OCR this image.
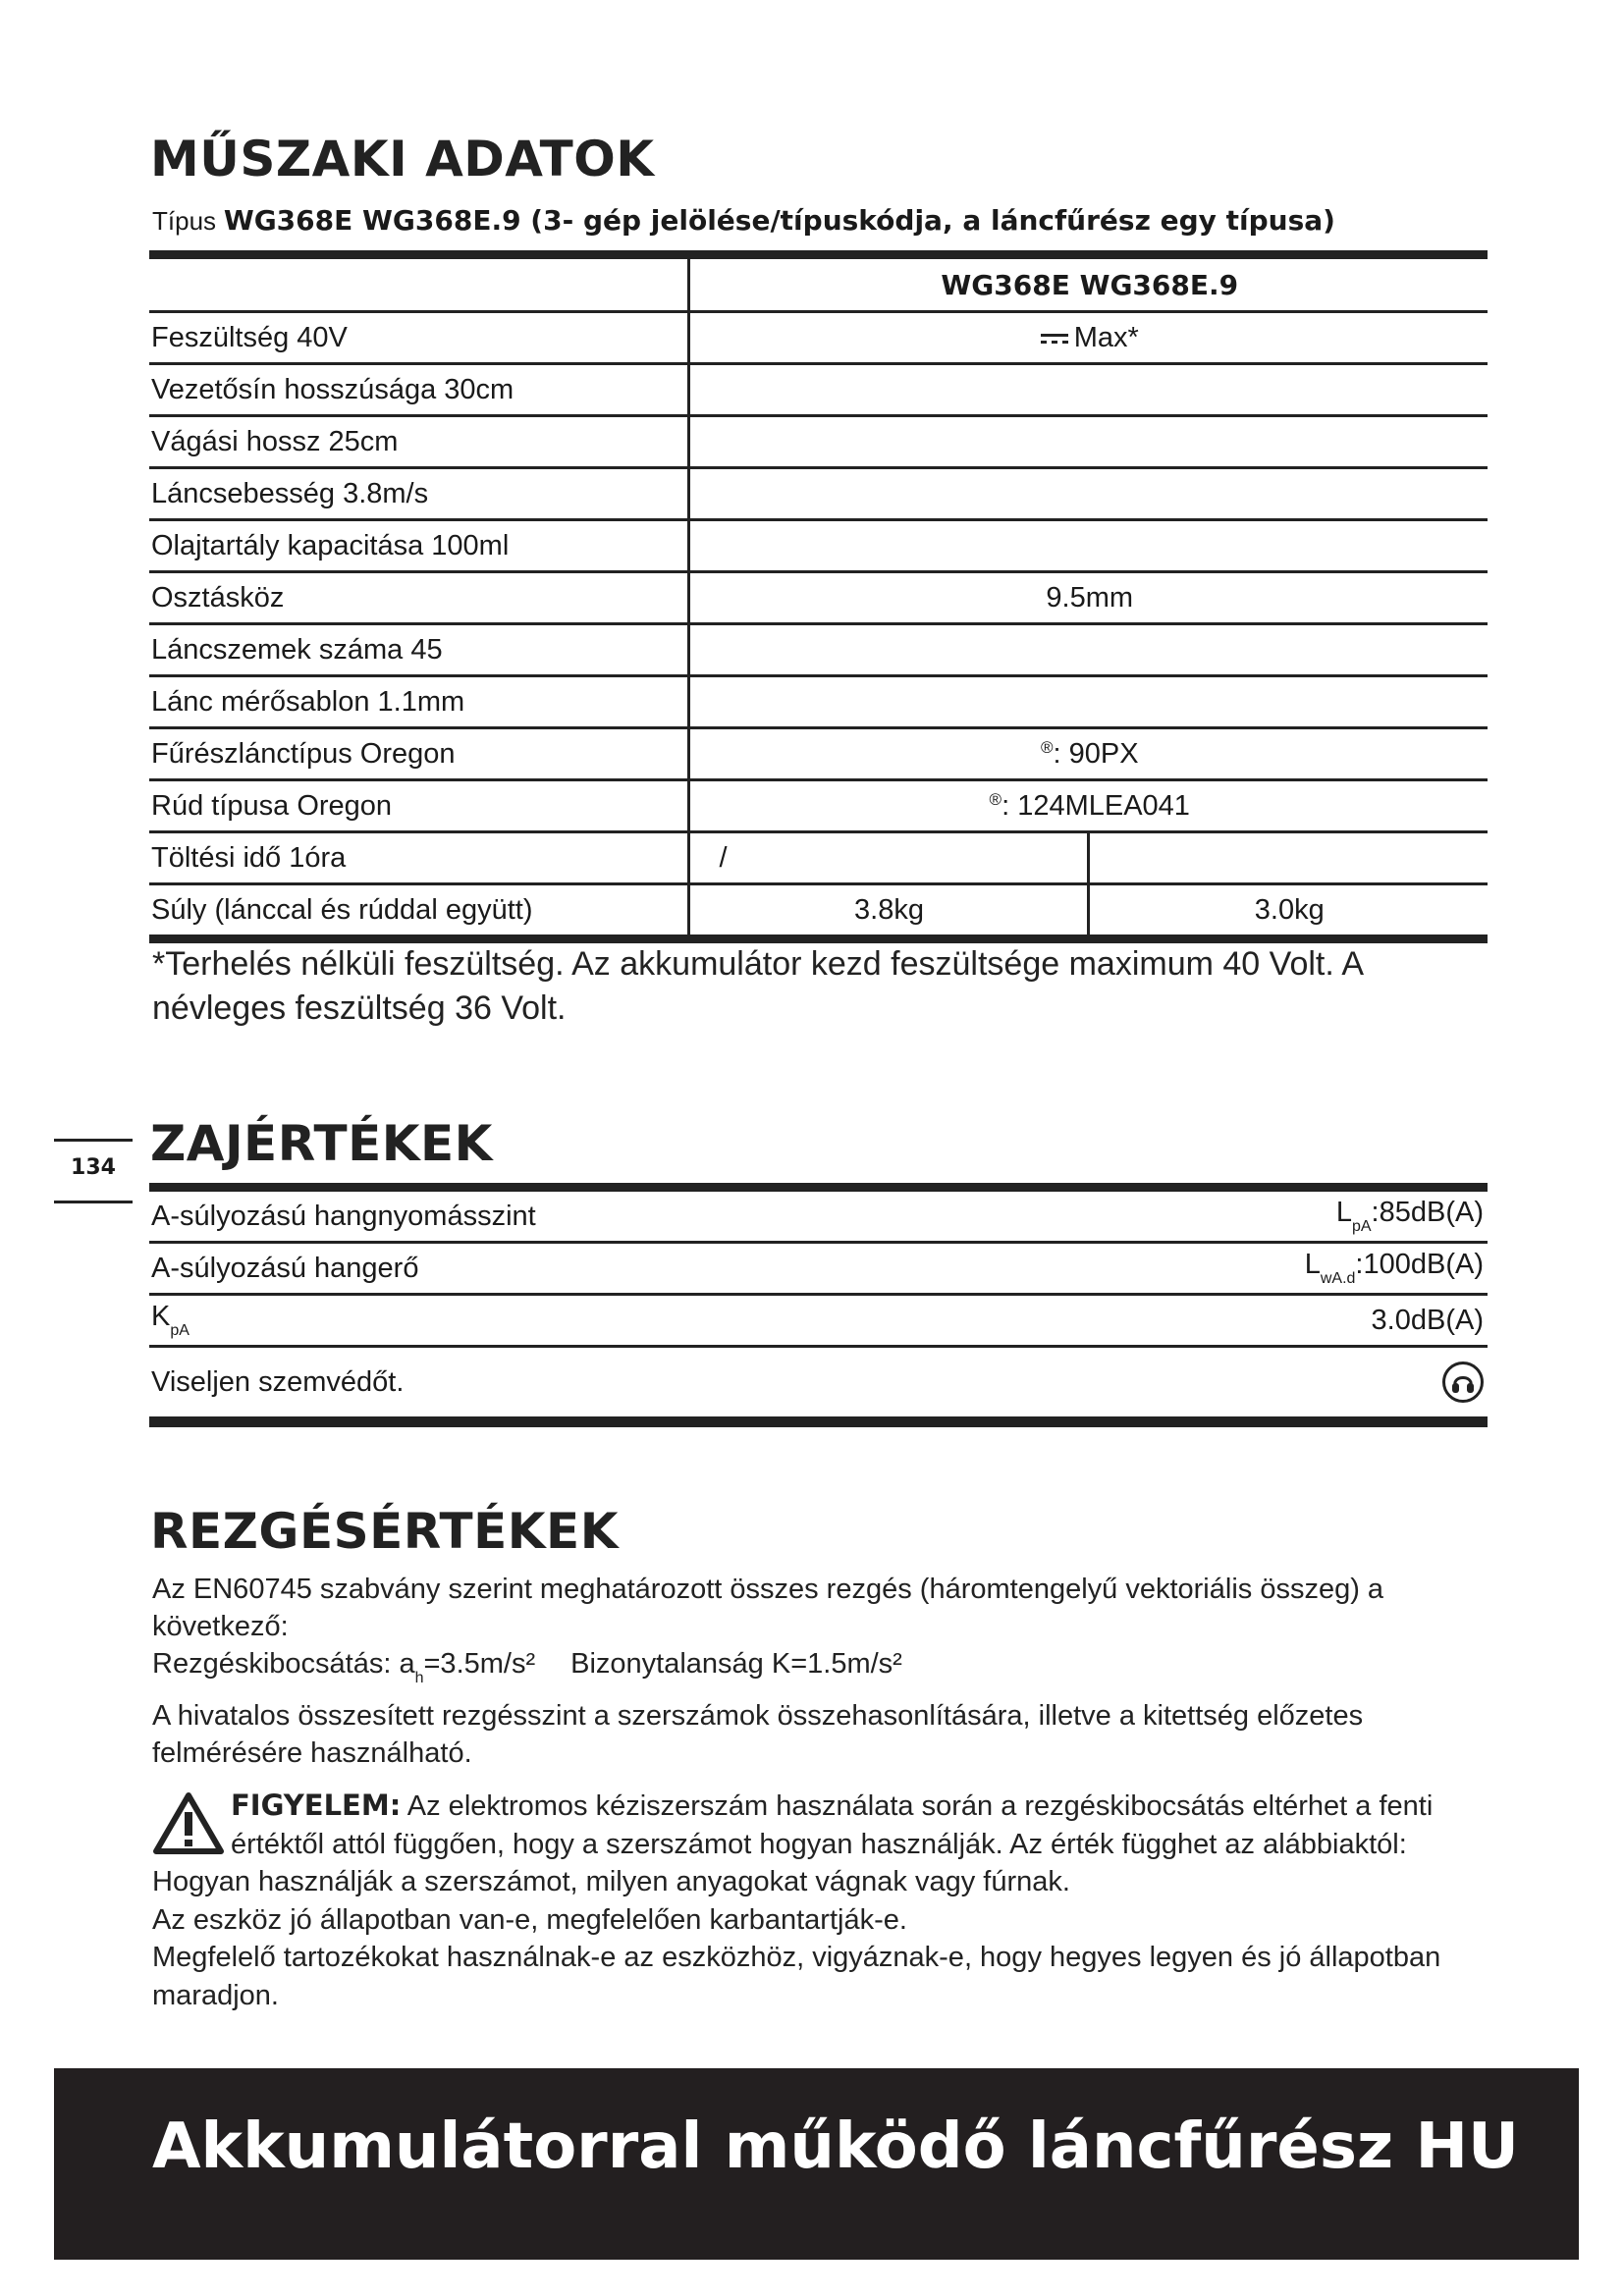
MŰSZAKI ADATOK
Típus WG368E WG368E.9 (3- gép jelölése/típuskódja, a láncfűrész egy típusa)
	WG368E WG368E.9	
Feszültség 40V	Max*	
Vezetősín hosszúsága 30cm		
Vágási hossz 25cm		
Láncsebesség 3.8m/s		
Olajtartály kapacitása 100ml		
Osztásköz	9.5mm	
Láncszemek száma 45		
Lánc mérősablon 1.1mm		
Fűrészlánctípus Oregon	®: 90PX	
Rúd típusa Oregon	®: 124MLEA041	
Töltési idő 1óra	/	
Súly (lánccal és rúddal együtt)	3.8kg	3.0kg
*Terhelés nélküli feszültség. Az akkumulátor kezd feszültsége maximum 40 Volt. A névleges feszültség 36 Volt.
134 ZAJÉRTÉKEK
A-súlyozású hangnyomásszint	$L_{pA}:85dB(A)$
A-súlyozású hangerő	$L_{wA.d}:100dB(A)$
$K_{pA}$	3.0dB(A)
Viseljen szemvédőt.
REZGÉSÉRTÉKEK

Az EN60745 szabvány szerint meghatározott összes rezgés (háromtengelyű vektoriális összeg) a következő:

Rezgéskibocsátás: $a_h=3.5m/s^2$ Bizonytalanság K=1.5m/s²

A hivatalos összesített rezgésszint a szerszámok összehasonlítására, illetve a kitettség előzetes felmérésére használható.

FIGYELEM: Az elektromos kéziszerszám használata során a rezgéskibocsátás eltérhet a fenti értéktől attól függően, hogy a szerszámot hogyan használják. Az érték függhet az alábbiaktól:

Hogyan használják a szerszámot, milyen anyagokat vágnak vagy fúrnak.

Az eszköz jó állapotban van-e, megfelelően karbantartják-e.

Megfelelő tartozékokat használnak-e az eszközhöz, vigyáznak-e, hogy hegyes legyen és jó állapotban maradjon.

Akkumulátorral működő láncfűrész HU
